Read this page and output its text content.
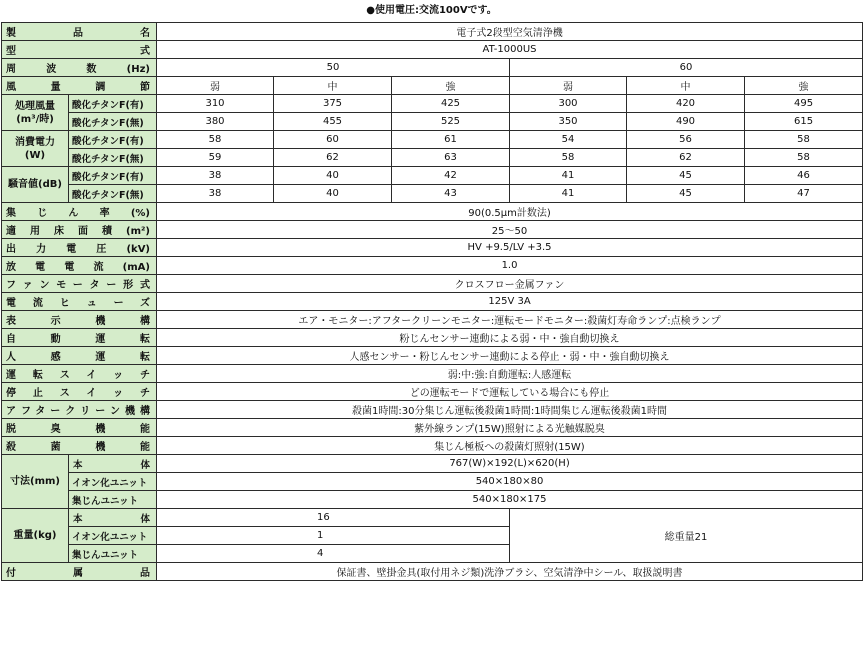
●使用電圧:交流100Vです。
製品名		電子式2段型空気清浄機					
型式		AT-1000US					
周波数(Hz)		50			60		
風量調節		弱	中	強	弱	中	強
処理風量(m³/時)	酸化チタンF(有)	310	375	425	300	420	495
	酸化チタンF(無)	380	455	525	350	490	615
消費電力(W)	酸化チタンF(有)	58	60	61	54	56	58
	酸化チタンF(無)	59	62	63	58	62	58
騒音値(dB)	酸化チタンF(有)	38	40	42	41	45	46
	酸化チタンF(無)	38	40	43	41	45	47
集じん率(%)		90(0.5μm計数法)					
適用床面積(m²)		25〜50					
出力電圧(kV)		HV +9.5/LV +3.5					
放電電流(mA)		1.0					
ファンモーター形式		クロスフロー金属ファン					
電流ヒューズ		125V 3A					
表示機構		エア・モニター:アフタークリーンモニター:運転モードモニター:殺菌灯寿命ランプ:点検ランプ					
自動運転		粉じんセンサー連動による弱・中・強自動切換え					
人感運転		人感センサー・粉じんセンサー連動による停止・弱・中・強自動切換え					
運転スイッチ		弱:中:強:自動運転:人感運転					
停止スイッチ		どの運転モードで運転している場合にも停止					
アフタークリーン機構		殺菌1時間:30分集じん運転後殺菌1時間:1時間集じん運転後殺菌1時間					
脱臭機能		紫外線ランプ(15W)照射による光触媒脱臭					
殺菌機能		集じん極板への殺菌灯照射(15W)					
寸法(mm)	本体	767(W)×192(L)×620(H)					
	イオン化ユニット	540×180×80					
	集じんユニット	540×180×175					
重量(kg)	本体	16			総重量21		
	イオン化ユニット	1					
	集じんユニット	4					
付属品		保証書、壁掛金具(取付用ネジ類)洗浄ブラシ、空気清浄中シール、取扱説明書					
